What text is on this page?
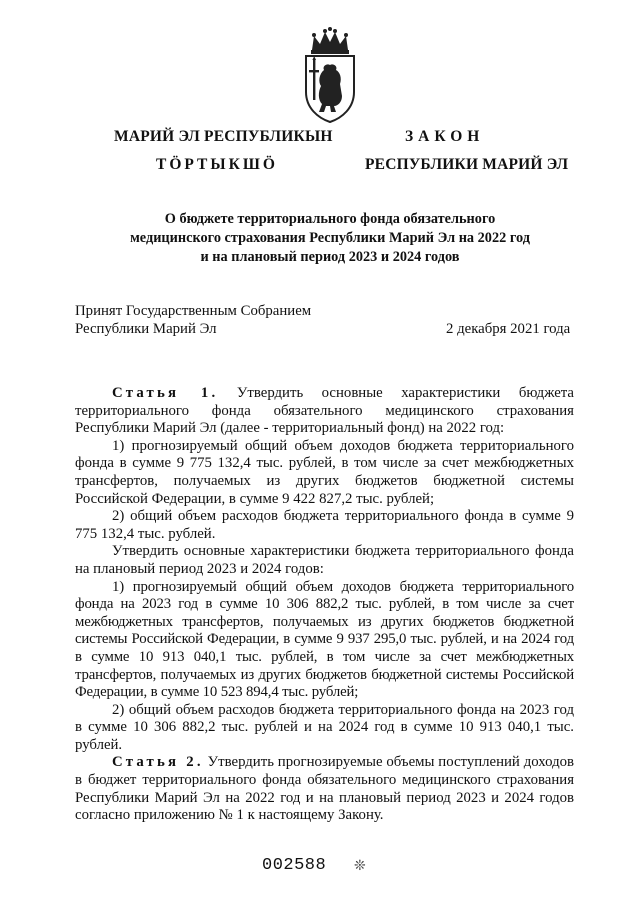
МАРИЙ ЭЛ РЕСПУБЛИКЫН
ТӦРТЫКШӦ
ЗАКОН
РЕСПУБЛИКИ МАРИЙ ЭЛ
О бюджете территориального фонда обязательного
медицинского страхования Республики Марий Эл на 2022 год
и на плановый период 2023 и 2024 годов
Принят Государственным Собранием
Республики Марий Эл	2 декабря 2021 года

Статья 1. Утвердить основные характеристики бюджета территориального фонда обязательного медицинского страхования Республики Марий Эл (далее - территориальный фонд) на 2022 год:

1) прогнозируемый общий объем доходов бюджета территориального фонда в сумме 9 775 132,4 тыс. рублей, в том числе за счет межбюджетных трансфертов, получаемых из других бюджетов бюджетной системы Российской Федерации, в сумме 9 422 827,2 тыс. рублей;

2) общий объем расходов бюджета территориального фонда в сумме 9 775 132,4 тыс. рублей.

Утвердить основные характеристики бюджета территориального фонда на плановый период 2023 и 2024 годов:

1) прогнозируемый общий объем доходов бюджета территориального фонда на 2023 год в сумме 10 306 882,2 тыс. рублей, в том числе за счет межбюджетных трансфертов, получаемых из других бюджетов бюджетной системы Российской Федерации, в сумме 9 937 295,0 тыс. рублей, и на 2024 год в сумме 10 913 040,1 тыс. рублей, в том числе за счет межбюджетных трансфертов, получаемых из других бюджетов бюджетной системы Российской Федерации, в сумме 10 523 894,4 тыс. рублей;

2) общий объем расходов бюджета территориального фонда на 2023 год в сумме 10 306 882,2 тыс. рублей и на 2024 год в сумме 10 913 040,1 тыс. рублей.

Статья 2. Утвердить прогнозируемые объемы поступлений доходов в бюджет территориального фонда обязательного медицинского страхования Республики Марий Эл на 2022 год и на плановый период 2023 и 2024 годов согласно приложению № 1 к настоящему Закону.

002588 ❊
